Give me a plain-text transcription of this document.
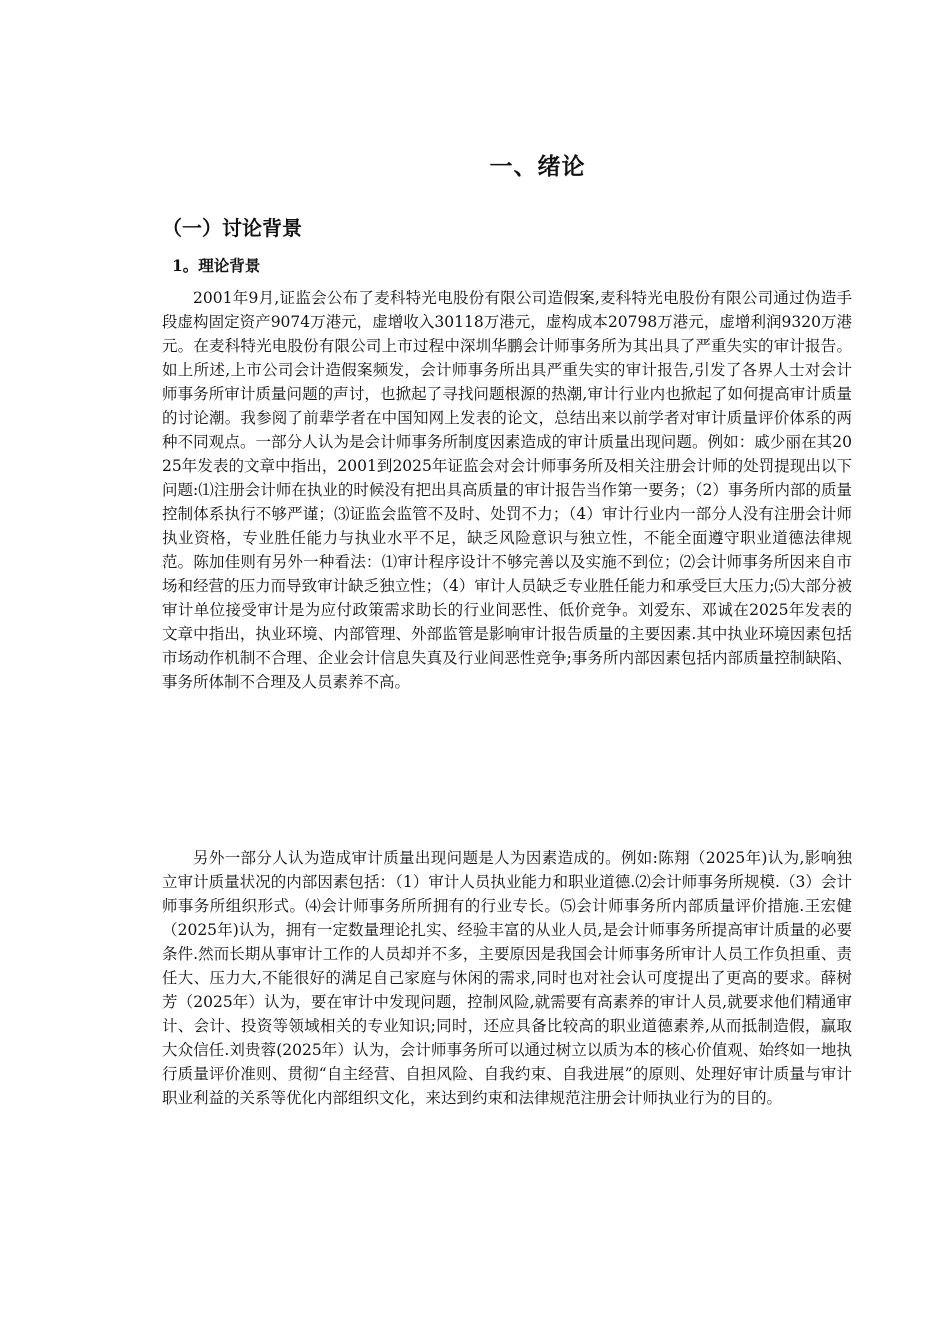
一、绪论
（一）讨论背景
1。理论背景

2001年9月,证监会公布了麦科特光电股份有限公司造假案,麦科特光电股份有限公司通过伪造手段虚构固定资产9074万港元，虚增收入30118万港元，虚构成本20798万港元，虚增利润9320万港元。在麦科特光电股份有限公司上市过程中深圳华鹏会计师事务所为其出具了严重失实的审计报告。如上所述,上市公司会计造假案频发，会计师事务所出具严重失实的审计报告,引发了各界人士对会计师事务所审计质量问题的声讨，也掀起了寻找问题根源的热潮,审计行业内也掀起了如何提高审计质量的讨论潮。我参阅了前辈学者在中国知网上发表的论文，总结出来以前学者对审计质量评价体系的两种不同观点。一部分人认为是会计师事务所制度因素造成的审计质量出现问题。例如：戚少丽在其2025年发表的文章中指出，2001到2025年证监会对会计师事务所及相关注册会计师的处罚提现出以下问题:⑴注册会计师在执业的时候没有把出具高质量的审计报告当作第一要务；（2）事务所内部的质量控制体系执行不够严谨；⑶证监会监管不及时、处罚不力；（4）审计行业内一部分人没有注册会计师执业资格，专业胜任能力与执业水平不足，缺乏风险意识与独立性，不能全面遵守职业道德法律规范。陈加佳则有另外一种看法：⑴审计程序设计不够完善以及实施不到位；⑵会计师事务所因来自市场和经营的压力而导致审计缺乏独立性；（4）审计人员缺乏专业胜任能力和承受巨大压力;⑸大部分被审计单位接受审计是为应付政策需求助长的行业间恶性、低价竞争。刘爱东、邓诚在2025年发表的文章中指出，执业环境、内部管理、外部监管是影响审计报告质量的主要因素.其中执业环境因素包括市场动作机制不合理、企业会计信息失真及行业间恶性竞争;事务所内部因素包括内部质量控制缺陷、事务所体制不合理及人员素养不高。

另外一部分人认为造成审计质量出现问题是人为因素造成的。例如:陈翔（2025年)认为,影响独立审计质量状况的内部因素包括：（1）审计人员执业能力和职业道德.⑵会计师事务所规模.（3）会计师事务所组织形式。⑷会计师事务所所拥有的行业专长。⑸会计师事务所内部质量评价措施.王宏健（2025年)认为，拥有一定数量理论扎实、经验丰富的从业人员,是会计师事务所提高审计质量的必要条件.然而长期从事审计工作的人员却并不多，主要原因是我国会计师事务所审计人员工作负担重、责任大、压力大,不能很好的满足自己家庭与休闲的需求,同时也对社会认可度提出了更高的要求。薛树芳（2025年）认为，要在审计中发现问题，控制风险,就需要有高素养的审计人员,就要求他们精通审计、会计、投资等领域相关的专业知识;同时，还应具备比较高的职业道德素养,从而抵制造假，赢取大众信任.刘贵蓉(2025年）认为，会计师事务所可以通过树立以质为本的核心价值观、始终如一地执行质量评价准则、贯彻“自主经营、自担风险、自我约束、自我进展”的原则、处理好审计质量与审计职业利益的关系等优化内部组织文化，来达到约束和法律规范注册会计师执业行为的目的。
